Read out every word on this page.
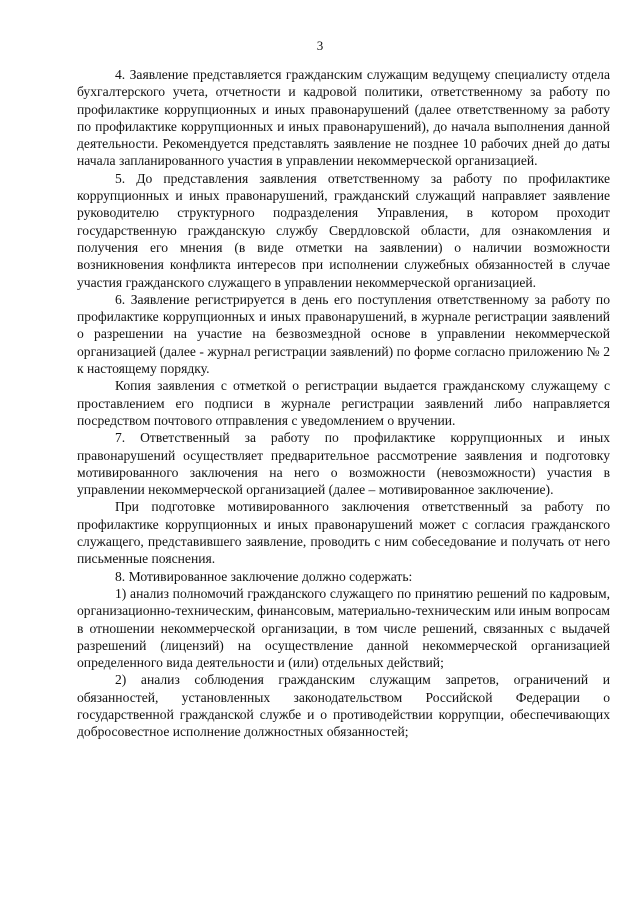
3

4. Заявление представляется гражданским служащим ведущему специалисту отдела бухгалтерского учета, отчетности и кадровой политики, ответственному за работу по профилактике коррупционных и иных правонарушений (далее ответственному за работу по профилактике коррупционных и иных правонарушений), до начала выполнения данной деятельности. Рекомендуется представлять заявление не позднее 10 рабочих дней до даты начала запланированного участия в управлении некоммерческой организацией.

5. До представления заявления ответственному за работу по профилактике коррупционных и иных правонарушений, гражданский служащий направляет заявление руководителю структурного подразделения Управления, в котором проходит государственную гражданскую службу Свердловской области, для ознакомления и получения его мнения (в виде отметки на заявлении) о наличии возможности возникновения конфликта интересов при исполнении служебных обязанностей в случае участия гражданского служащего в управлении некоммерческой организацией.

6. Заявление регистрируется в день его поступления ответственному за работу по профилактике коррупционных и иных правонарушений, в журнале регистрации заявлений о разрешении на участие на безвозмездной основе в управлении некоммерческой организацией (далее - журнал регистрации заявлений) по форме согласно приложению № 2 к настоящему порядку.

Копия заявления с отметкой о регистрации выдается гражданскому служащему с проставлением его подписи в журнале регистрации заявлений либо направляется посредством почтового отправления с уведомлением о вручении.

7. Ответственный за работу по профилактике коррупционных и иных правонарушений осуществляет предварительное рассмотрение заявления и подготовку мотивированного заключения на него о возможности (невозможности) участия в управлении некоммерческой организацией (далее – мотивированное заключение).

При подготовке мотивированного заключения ответственный за работу по профилактике коррупционных и иных правонарушений может с согласия гражданского служащего, представившего заявление, проводить с ним собеседование и получать от него письменные пояснения.

8. Мотивированное заключение должно содержать:

1) анализ полномочий гражданского служащего по принятию решений по кадровым, организационно-техническим, финансовым, материально-техническим или иным вопросам в отношении некоммерческой организации, в том числе решений, связанных с выдачей разрешений (лицензий) на осуществление данной некоммерческой организацией определенного вида деятельности и (или) отдельных действий;

2) анализ соблюдения гражданским служащим запретов, ограничений и обязанностей, установленных законодательством Российской Федерации о государственной гражданской службе и о противодействии коррупции, обеспечивающих добросовестное исполнение должностных обязанностей;
